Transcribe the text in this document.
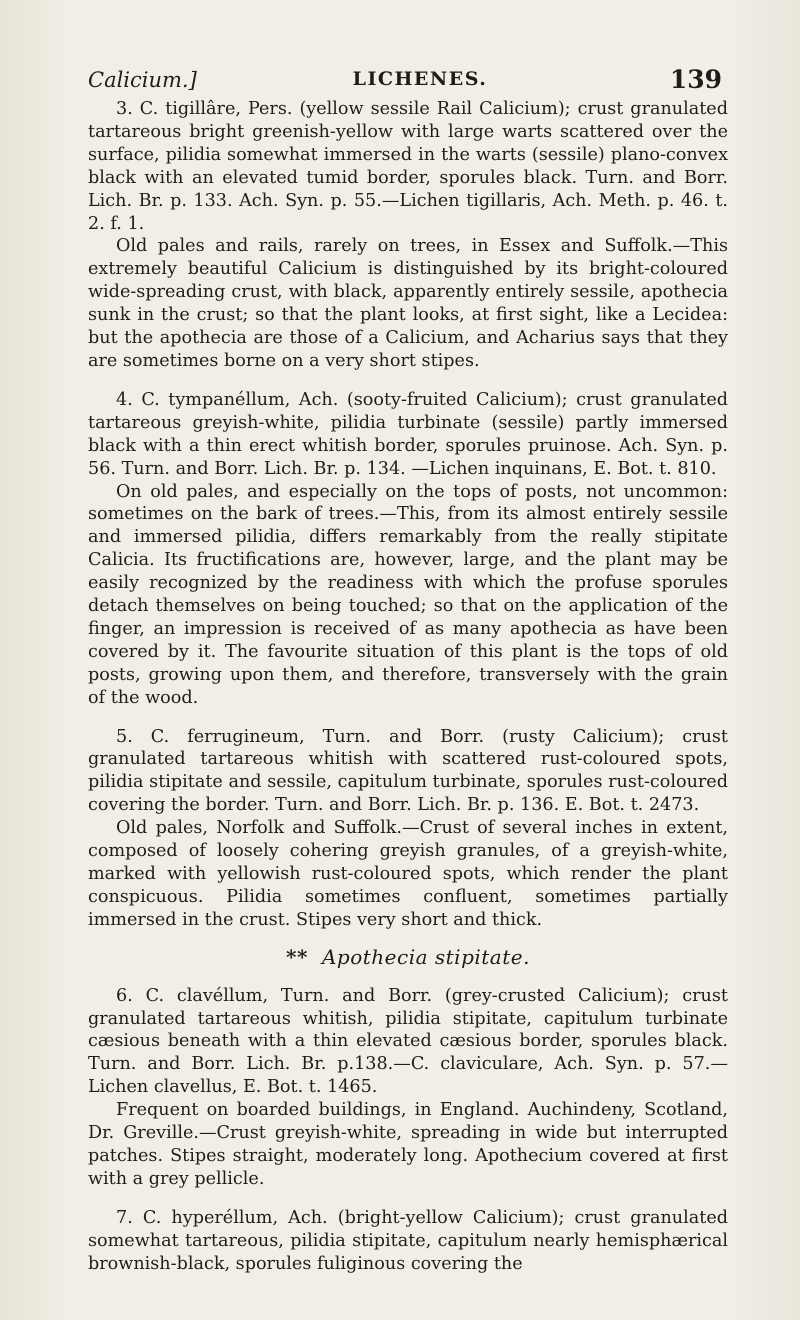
Calicium.]	LICHENES.	139

3. C. tigillâre, Pers. (yellow sessile Rail Calicium); crust granulated tartareous bright greenish-yellow with large warts scattered over the surface, pilidia somewhat immersed in the warts (sessile) plano-convex black with an elevated tumid border, sporules black. Turn. and Borr. Lich. Br. p. 133. Ach. Syn. p. 55.—Lichen tigillaris, Ach. Meth. p. 46. t. 2. f. 1.

Old pales and rails, rarely on trees, in Essex and Suffolk.—This extremely beautiful Calicium is distinguished by its bright-coloured wide-spreading crust, with black, apparently entirely sessile, apothecia sunk in the crust; so that the plant looks, at first sight, like a Lecidea: but the apothecia are those of a Calicium, and Acharius says that they are sometimes borne on a very short stipes.

4. C. tympanéllum, Ach. (sooty-fruited Calicium); crust granulated tartareous greyish-white, pilidia turbinate (sessile) partly immersed black with a thin erect whitish border, sporules pruinose. Ach. Syn. p. 56. Turn. and Borr. Lich. Br. p. 134. —Lichen inquinans, E. Bot. t. 810.

On old pales, and especially on the tops of posts, not uncommon: sometimes on the bark of trees.—This, from its almost entirely sessile and immersed pilidia, differs remarkably from the really stipitate Calicia. Its fructifications are, however, large, and the plant may be easily recognized by the readiness with which the profuse sporules detach themselves on being touched; so that on the application of the finger, an impression is received of as many apothecia as have been covered by it. The favourite situation of this plant is the tops of old posts, growing upon them, and therefore, transversely with the grain of the wood.

5. C. ferrugineum, Turn. and Borr. (rusty Calicium); crust granulated tartareous whitish with scattered rust-coloured spots, pilidia stipitate and sessile, capitulum turbinate, sporules rust-coloured covering the border. Turn. and Borr. Lich. Br. p. 136. E. Bot. t. 2473.

Old pales, Norfolk and Suffolk.—Crust of several inches in extent, composed of loosely cohering greyish granules, of a greyish-white, marked with yellowish rust-coloured spots, which render the plant conspicuous. Pilidia sometimes confluent, sometimes partially immersed in the crust. Stipes very short and thick.

** Apothecia stipitate.

6. C. clavéllum, Turn. and Borr. (grey-crusted Calicium); crust granulated tartareous whitish, pilidia stipitate, capitulum turbinate cæsious beneath with a thin elevated cæsious border, sporules black. Turn. and Borr. Lich. Br. p.138.—C. claviculare, Ach. Syn. p. 57.—Lichen clavellus, E. Bot. t. 1465.

Frequent on boarded buildings, in England. Auchindeny, Scotland, Dr. Greville.—Crust greyish-white, spreading in wide but interrupted patches. Stipes straight, moderately long. Apothecium covered at first with a grey pellicle.

7. C. hyperéllum, Ach. (bright-yellow Calicium); crust granulated somewhat tartareous, pilidia stipitate, capitulum nearly hemisphærical brownish-black, sporules fuliginous covering the
